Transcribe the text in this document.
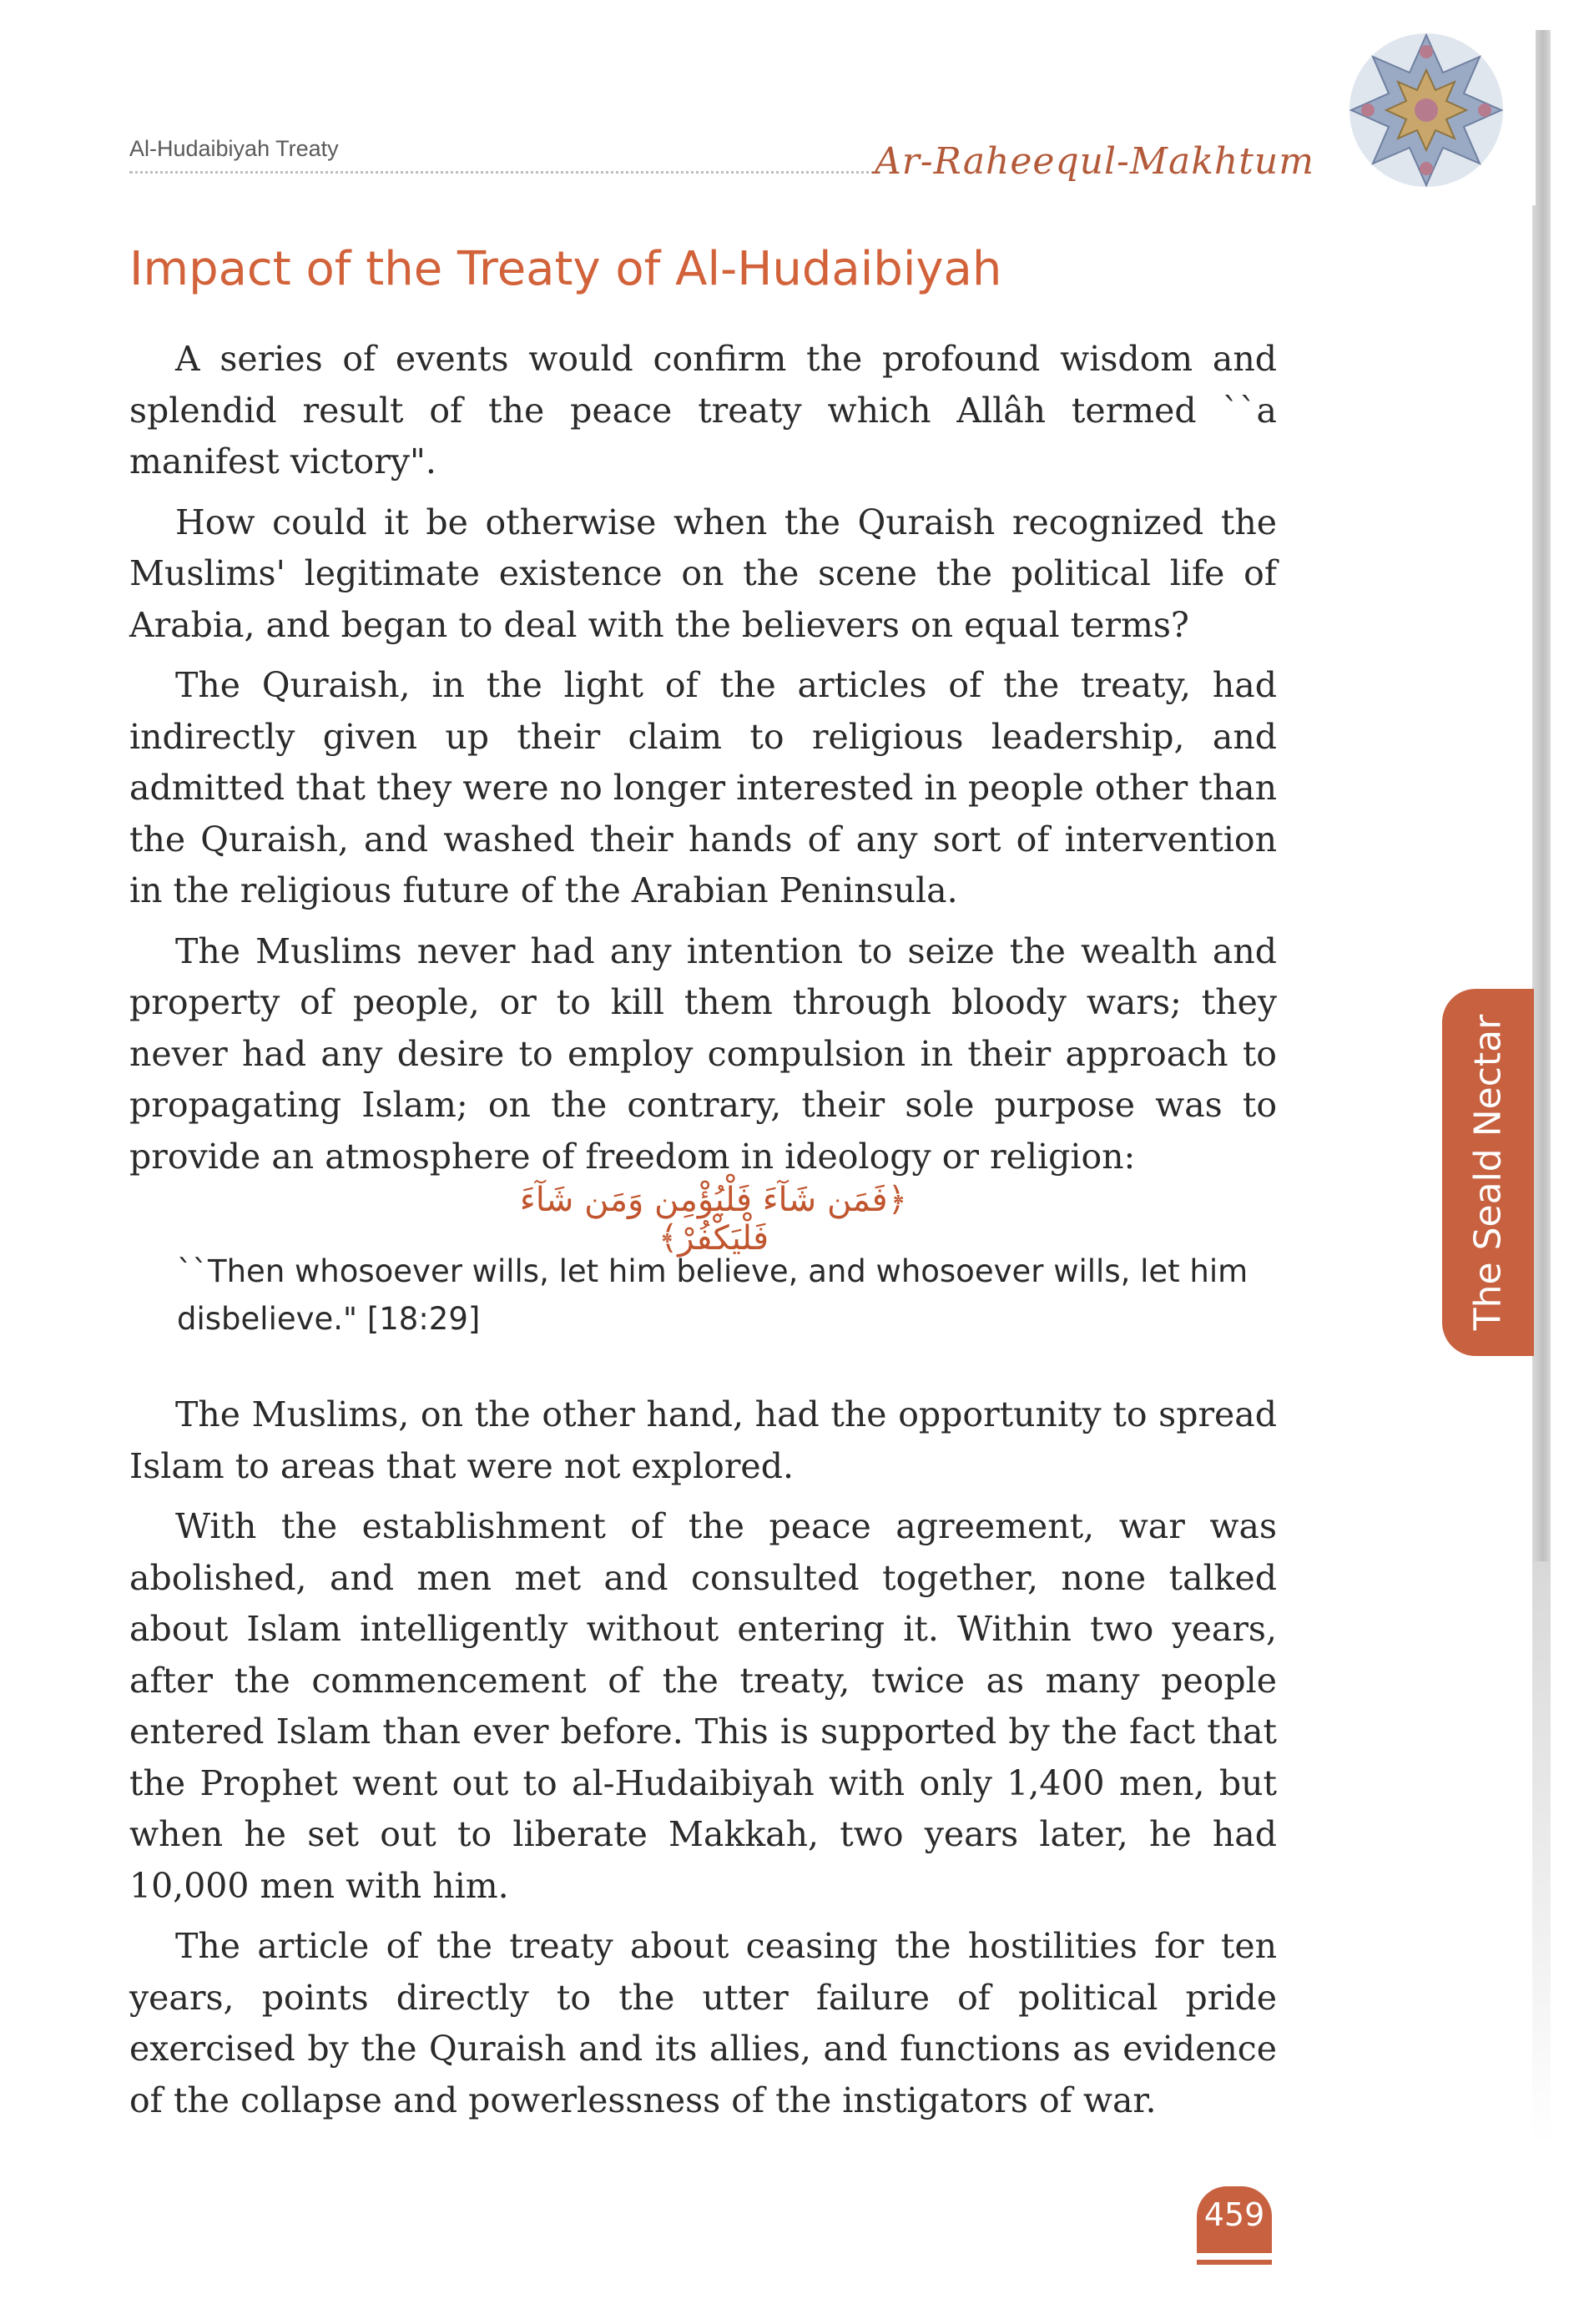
Al-Hudaibiyah Treaty	Ar-Raheequl-Makhtum
Impact of the Treaty of Al-Hudaibiyah

A series of events would confirm the profound wisdom and splendid result of the peace treaty which Allâh termed ``a manifest victory".

How could it be otherwise when the Quraish recognized the Muslims' legitimate existence on the scene the political life of Arabia, and began to deal with the believers on equal terms?

The Quraish, in the light of the articles of the treaty, had indirectly given up their claim to religious leadership, and admitted that they were no longer interested in people other than the Quraish, and washed their hands of any sort of intervention in the religious future of the Arabian Peninsula.

The Muslims never had any intention to seize the wealth and property of people, or to kill them through bloody wars; they never had any desire to employ compulsion in their approach to propagating Islam; on the contrary, their sole purpose was to provide an atmosphere of freedom in ideology or religion:

﴿فَمَن شَآءَ فَلْيُؤْمِن وَمَن شَآءَ فَلْيَكْفُرْ﴾
``Then whosoever wills, let him believe, and whosoever wills, let him disbelieve." [18:29]

The Muslims, on the other hand, had the opportunity to spread Islam to areas that were not explored.

With the establishment of the peace agreement, war was abolished, and men met and consulted together, none talked about Islam intelligently without entering it. Within two years, after the commencement of the treaty, twice as many people entered Islam than ever before. This is supported by the fact that the Prophet went out to al-Hudaibiyah with only 1,400 men, but when he set out to liberate Makkah, two years later, he had 10,000 men with him.

The article of the treaty about ceasing the hostilities for ten years, points directly to the utter failure of political pride exercised by the Quraish and its allies, and functions as evidence of the collapse and powerlessness of the instigators of war.

The Seald Nectar
459
